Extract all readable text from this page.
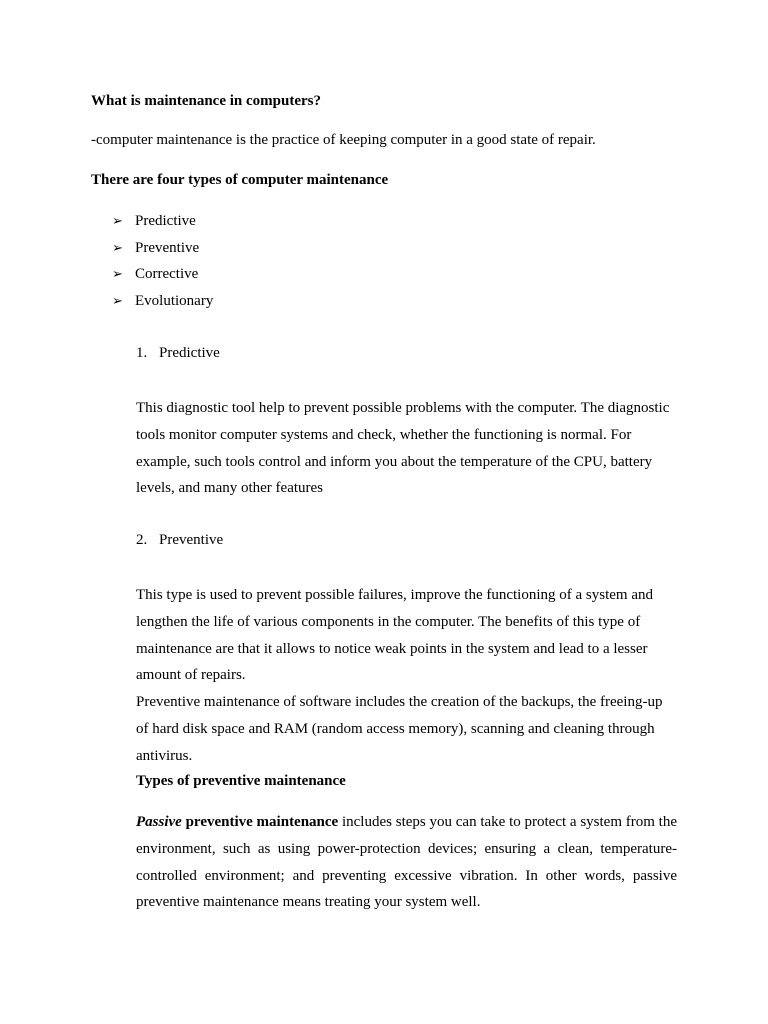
What is maintenance in computers?
-computer maintenance is the practice of keeping computer in a good state of repair.
There are four types of computer maintenance
➢ Predictive
➢ Preventive
➢ Corrective
➢ Evolutionary
1. Predictive
This diagnostic tool help to prevent possible problems with the computer. The diagnostic tools monitor computer systems and check, whether the functioning is normal. For example, such tools control and inform you about the temperature of the CPU, battery levels, and many other features
2. Preventive
This type is used to prevent possible failures, improve the functioning of a system and lengthen the life of various components in the computer. The benefits of this type of maintenance are that it allows to notice weak points in the system and lead to a lesser amount of repairs.
Preventive maintenance of software includes the creation of the backups, the freeing-up of hard disk space and RAM (random access memory), scanning and cleaning through antivirus.
Types of preventive maintenance
Passive preventive maintenance includes steps you can take to protect a system from the environment, such as using power-protection devices; ensuring a clean, temperature-controlled environment; and preventing excessive vibration. In other words, passive preventive maintenance means treating your system well.
